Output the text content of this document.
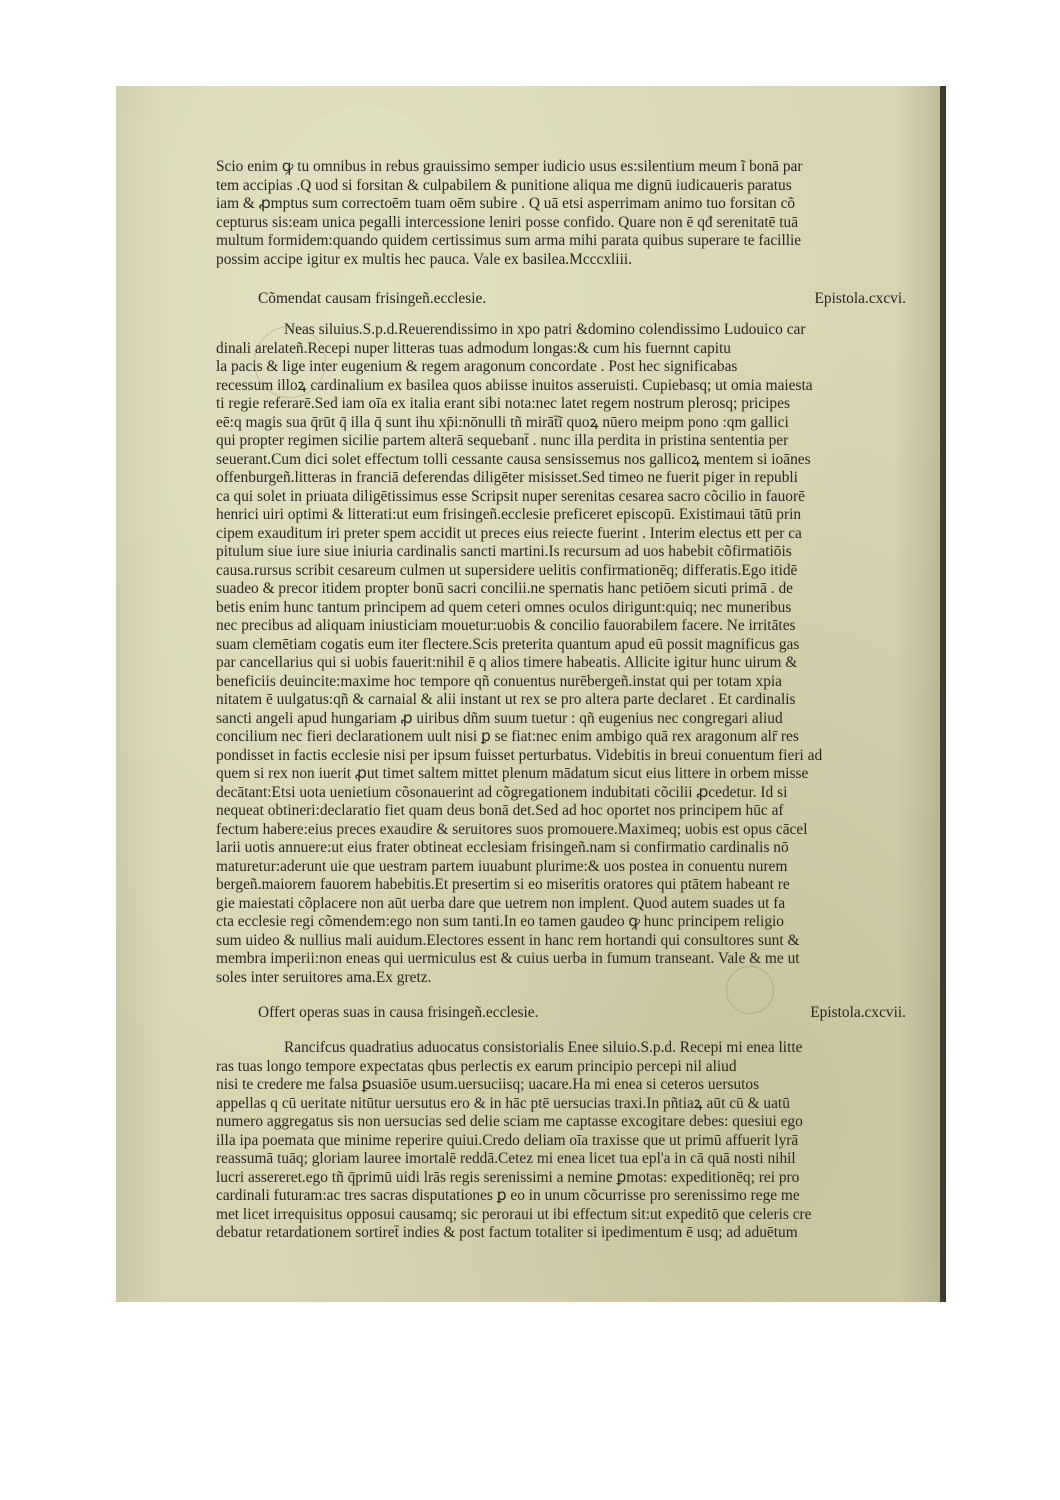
Scio enim ꝙ tu omnibus in rebus grauissimo semper iudicio usus es:silentium meum ĩ bonā par
tem accipias .Q uod si forsitan & culpabilem & punitione aliqua me dignū iudicaueris paratus
iam & ꝓmptus sum correctoēm tuam oēm subire . Q uā etsi asperrimam animo tuo forsitan cõ
cepturus sis:eam unica pegalli intercessione leniri posse confido. Quare non ē qđ serenitatē tuā
multum formidem:quando quidem certissimus sum arma mihi parata quibus superare te facillie
possim accipe igitur ex multis hec pauca. Vale ex basilea.Mcccxliii.
Cõmendat causam frisingeñ.ecclesie.	Epistola.cxcvi.
Neas siluius.S.p.d.Reuerendissimo in xpo patri &domino colendissimo Ludouico car
dinali arelateñ.Recepi nuper litteras tuas admodum longas:& cum his fuernnt capitu
la pacis & lige inter eugenium & regem aragonum concordate . Post hec significabas
recessum illoꝝ cardinalium ex basilea quos abiisse inuitos asseruisti. Cupiebasq; ut omia maiesta
ti regie referarē.Sed iam oīa ex italia erant sibi nota:nec latet regem nostrum plerosq; pricipes
eē:q magis sua q̄rūt q̄ illa q̄ sunt ihu xp̄i:nōnulli tñ mirāt̄ĩ quoꝝ nūero meipm pono :qm gallici
qui propter regimen sicilie partem alterā sequebant̄ . nunc illa perdita in pristina sententia per
seuerant.Cum dici solet effectum tolli cessante causa sensissemus nos gallicoꝝ mentem si ioānes
offenburgeñ.litteras in franciā deferendas diligēter misisset.Sed timeo ne fuerit piger in republi
ca qui solet in priuata diligētissimus esse Scripsit nuper serenitas cesarea sacro cõcilio in fauorē
henrici uiri optimi & litterati:ut eum frisingeñ.ecclesie preficeret episcopū. Existimaui tātū prin
cipem exauditum iri preter spem accidit ut preces eius reiecte fuerint . Interim electus ett per ca
pitulum siue iure siue iniuria cardinalis sancti martini.Is recursum ad uos habebit cõfirmatiōis
causa.rursus scribit cesareum culmen ut supersidere uelitis confirmationēq; differatis.Ego itidē
suadeo & precor itidem propter bonū sacri concilii.ne spernatis hanc petiōem sicuti primā . de
betis enim hunc tantum principem ad quem ceteri omnes oculos dirigunt:quiq; nec muneribus
nec precibus ad aliquam iniusticiam mouetur:uobis & concilio fauorabilem facere. Ne irritātes
suam clemētiam cogatis eum iter flectere.Scis preterita quantum apud eū possit magnificus gas
par cancellarius qui si uobis fauerit:nihil ē q alios timere habeatis. Allicite igitur hunc uirum &
beneficiis deuincite:maxime hoc tempore qñ conuentus nurēbergeñ.instat qui per totam xpia
nitatem ē uulgatus:qñ & carnaial & alii instant ut rex se pro altera parte declaret . Et cardinalis
sancti angeli apud hungariam ꝓ uiribus dñm suum tuetur : qñ eugenius nec congregari aliud
concilium nec fieri declarationem uult nisi ꝑ se fiat:nec enim ambigo quā rex aragonum alr̄ res
pondisset in factis ecclesie nisi per ipsum fuisset perturbatus. Videbitis in breui conuentum fieri ad
quem si rex non iuerit ꝓut timet saltem mittet plenum mādatum sicut eius littere in orbem misse
decātant:Etsi uota uenietium cõsonauerint ad cõgregationem indubitati cõcilii ꝓcedetur. Id si
nequeat obtineri:declaratio fiet quam deus bonā det.Sed ad hoc oportet nos principem hūc af
fectum habere:eius preces exaudire & seruitores suos promouere.Maximeq; uobis est opus cācel
larii uotis annuere:ut eius frater obtineat ecclesiam frisingeñ.nam si confirmatio cardinalis nō
maturetur:aderunt uie que uestram partem iuuabunt plurime:& uos postea in conuentu nurem
bergeñ.maiorem fauorem habebitis.Et presertim si eo miseritis oratores qui ptātem habeant re
gie maiestati cõplacere non aūt uerba dare que uetrem non implent. Quod autem suades ut fa
cta ecclesie regi cõmendem:ego non sum tanti.In eo tamen gaudeo ꝙ hunc principem religio
sum uideo & nullius mali auidum.Electores essent in hanc rem hortandi qui consultores sunt &
membra imperii:non eneas qui uermiculus est & cuius uerba in fumum transeant. Vale & me ut
soles inter seruitores ama.Ex gretz.
Offert operas suas in causa frisingeñ.ecclesie.	Epistola.cxcvii.
Rancifcus quadratius aduocatus consistorialis Enee siluio.S.p.d. Recepi mi enea litte
ras tuas longo tempore expectatas qbus perlectis ex earum principio percepi nil aliud
nisi te credere me falsa ꝑsuasiōe usum.uersuciisq; uacare.Ha mi enea si ceteros uersutos
appellas q cū ueritate nitūtur uersutus ero & in hāc ptē uersucias traxi.In pñtiaꝝ aūt cū & uatū
numero aggregatus sis non uersucias sed delie sciam me captasse excogitare debes: quesiui ego
illa ipa poemata que minime reperire quiui.Credo deliam oīa traxisse que ut primū affuerit lyrā
reassumā tuāq; gloriam lauree imortalē reddā.Cetez mi enea licet tua epl'a in cā quā nosti nihil
lucri assereret.ego tñ q̄primū uidi lrās regis serenissimi a nemine ꝑmotas: expeditionēq; rei pro
cardinali futuram:ac tres sacras disputationes ꝑ eo in unum cõcurrisse pro serenissimo rege me
met licet irrequisitus opposui causamq; sic peroraui ut ibi effectum sit:ut expeditō que celeris cre
debatur retardationem sortiret̄ indies & post factum totaliter si ipedimentum ē usq; ad aduētum
